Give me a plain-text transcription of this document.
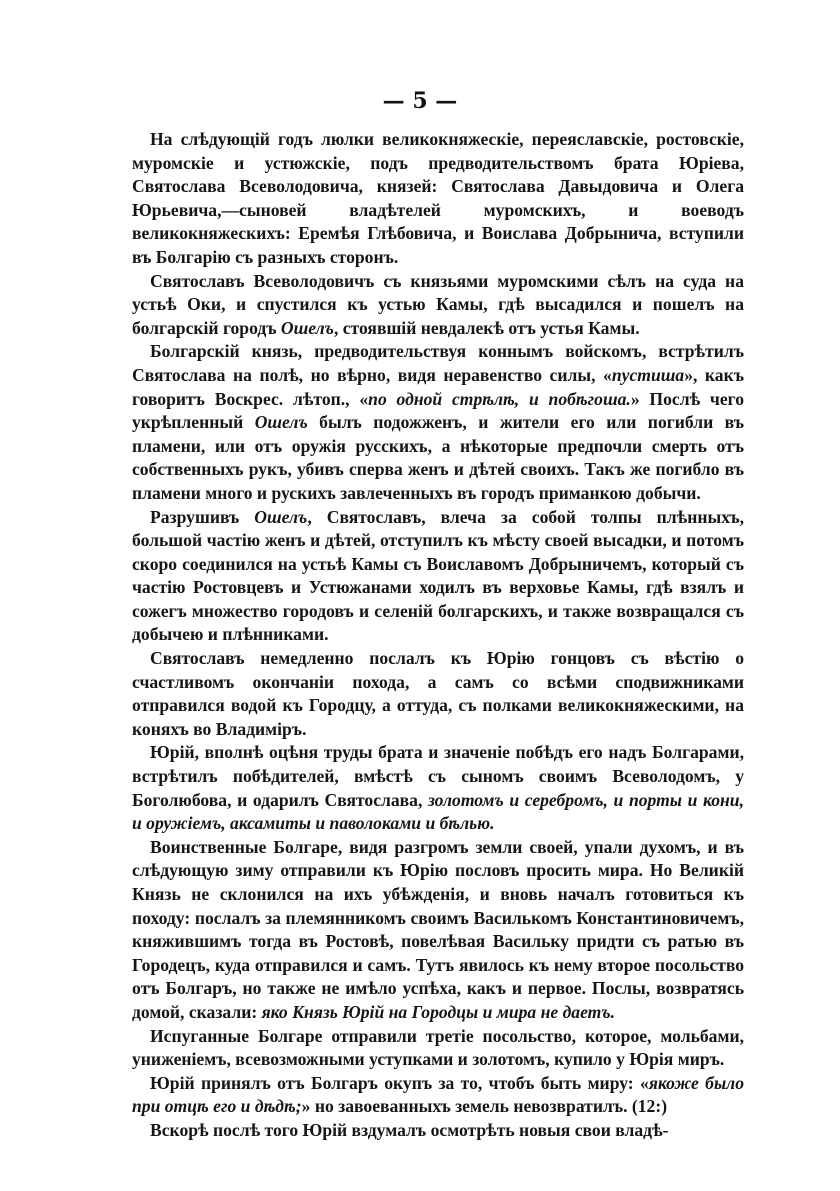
— 5 —

На слѣдующій годъ люлки великокняжескіе, переяславскіе, ростовскіе, муромскіе и устюжскіе, подъ предводительствомъ брата Юріева, Святослава Всеволодовича, князей: Святослава Давыдовича и Олега Юрьевича,—сыновей владѣтелей муромскихъ, и воеводъ великокняжескихъ: Еремѣя Глѣбовича, и Воислава Добрынича, вступили въ Болгарію съ разныхъ сторонъ.

Святославъ Всеволодовичъ съ князьями муромскими сѣлъ на суда на устьѣ Оки, и спустился къ устью Камы, гдѣ высадился и пошелъ на болгарскій городъ Ошелъ, стоявшій невдалекѣ отъ устья Камы.

Болгарскій князь, предводительствуя коннымъ войскомъ, встрѣтилъ Святослава на полѣ, но вѣрно, видя неравенство силы, «пустиша», какъ говоритъ Воскрес. лѣтоп., «по одной стрѣлѣ, и побѣгоша.» Послѣ чего укрѣпленный Ошелъ былъ подожженъ, и жители его или погибли въ пламени, или отъ оружія русскихъ, а нѣкоторые предпочли смерть отъ собственныхъ рукъ, убивъ сперва женъ и дѣтей своихъ. Такъ же погибло въ пламени много и рускихъ завлеченныхъ въ городъ приманкою добычи.

Разрушивъ Ошелъ, Святославъ, влеча за собой толпы плѣнныхъ, большой частію женъ и дѣтей, отступилъ къ мѣсту своей высадки, и потомъ скоро соединился на устьѣ Камы съ Воиславомъ Добрыничемъ, который съ частію Ростовцевъ и Устюжанами ходилъ въ верховье Камы, гдѣ взялъ и сожегъ множество городовъ и селеній болгарскихъ, и также возвращался съ добычею и плѣнниками.

Святославъ немедленно послалъ къ Юрію гонцовъ съ вѣстію о счастливомъ окончаніи похода, а самъ со всѣми сподвижниками отправился водой къ Городцу, а оттуда, съ полками великокняжескими, на коняхъ во Владиміръ.

Юрій, вполнѣ оцѣня труды брата и значеніе побѣдъ его надъ Болгарами, встрѣтилъ побѣдителей, вмѣстѣ съ сыномъ своимъ Всеволодомъ, у Боголюбова, и одарилъ Святослава, золотомъ и серебромъ, и порты и кони, и оружіемъ, аксамиты и паволоками и бѣлью.

Воинственные Болгаре, видя разгромъ земли своей, упали духомъ, и въ слѣдующую зиму отправили къ Юрію пословъ просить мира. Но Великій Князь не склонился на ихъ убѣжденія, и вновь началъ готовиться къ походу: послалъ за племянникомъ своимъ Василькомъ Константиновичемъ, княжившимъ тогда въ Ростовѣ, повелѣвая Васильку придти съ ратью въ Городецъ, куда отправился и самъ. Тутъ явилось къ нему второе посольство отъ Болгаръ, но также не имѣло успѣха, какъ и первое. Послы, возвратясь домой, сказали: яко Князь Юрій на Городцы и мира не даетъ.

Испуганные Болгаре отправили третіе посольство, которое, мольбами, униженіемъ, всевозможными уступками и золотомъ, купило у Юрія миръ.

Юрій принялъ отъ Болгаръ окупъ за то, чтобъ быть миру: «якоже было при отцѣ его и дѣдѣ;» но завоеванныхъ земель невозвратилъ. (12:)

Вскорѣ послѣ того Юрій вздумалъ осмотрѣть новыя свои владѣ-
